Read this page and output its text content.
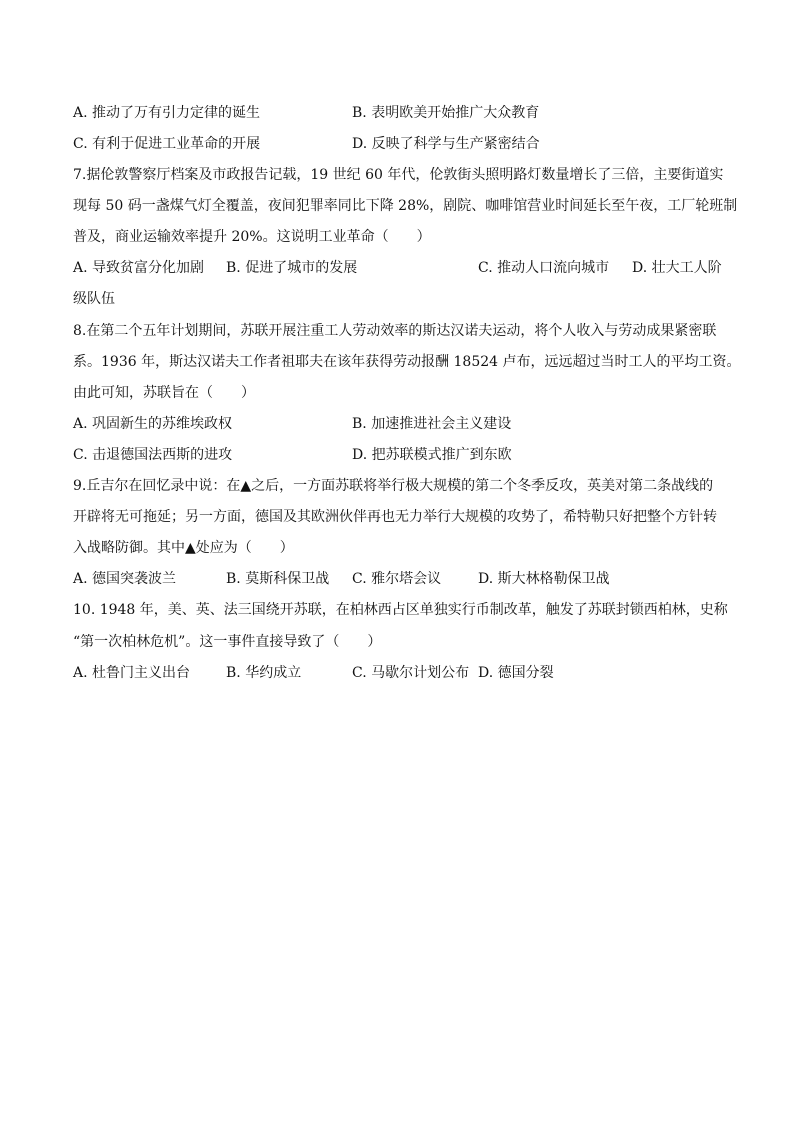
A. 推动了万有引力定律的诞生	B. 表明欧美开始推广大众教育
C. 有利于促进工业革命的开展	D. 反映了科学与生产紧密结合
7.据伦敦警察厅档案及市政报告记载，19 世纪 60 年代，伦敦街头照明路灯数量增长了三倍，主要街道实
现每 50 码一盏煤气灯全覆盖，夜间犯罪率同比下降 28%，剧院、咖啡馆营业时间延长至午夜，工厂轮班制
普及，商业运输效率提升 20%。这说明工业革命（　　）
A. 导致贫富分化加剧 B. 促进了城市的发展	C. 推动人口流向城市 D. 壮大工人阶
级队伍
8.在第二个五年计划期间，苏联开展注重工人劳动效率的斯达汉诺夫运动，将个人收入与劳动成果紧密联
系。1936 年，斯达汉诺夫工作者祖耶夫在该年获得劳动报酬 18524 卢布，远远超过当时工人的平均工资。
由此可知，苏联旨在（　　）
A. 巩固新生的苏维埃政权	B. 加速推进社会主义建设
C. 击退德国法西斯的进攻	D. 把苏联模式推广到东欧
9.丘吉尔在回忆录中说：在▲之后，一方面苏联将举行极大规模的第二个冬季反攻，英美对第二条战线的
开辟将无可拖延；另一方面，德国及其欧洲伙伴再也无力举行大规模的攻势了，希特勒只好把整个方针转
入战略防御。其中▲处应为（　　）
A. 德国突袭波兰	B. 莫斯科保卫战 C. 雅尔塔会议	D. 斯大林格勒保卫战
10. 1948 年，美、英、法三国绕开苏联，在柏林西占区单独实行币制改革，触发了苏联封锁西柏林，史称
“第一次柏林危机”。这一事件直接导致了（　　）
A. 杜鲁门主义出台	B. 华约成立	C. 马歇尔计划公布 D. 德国分裂
